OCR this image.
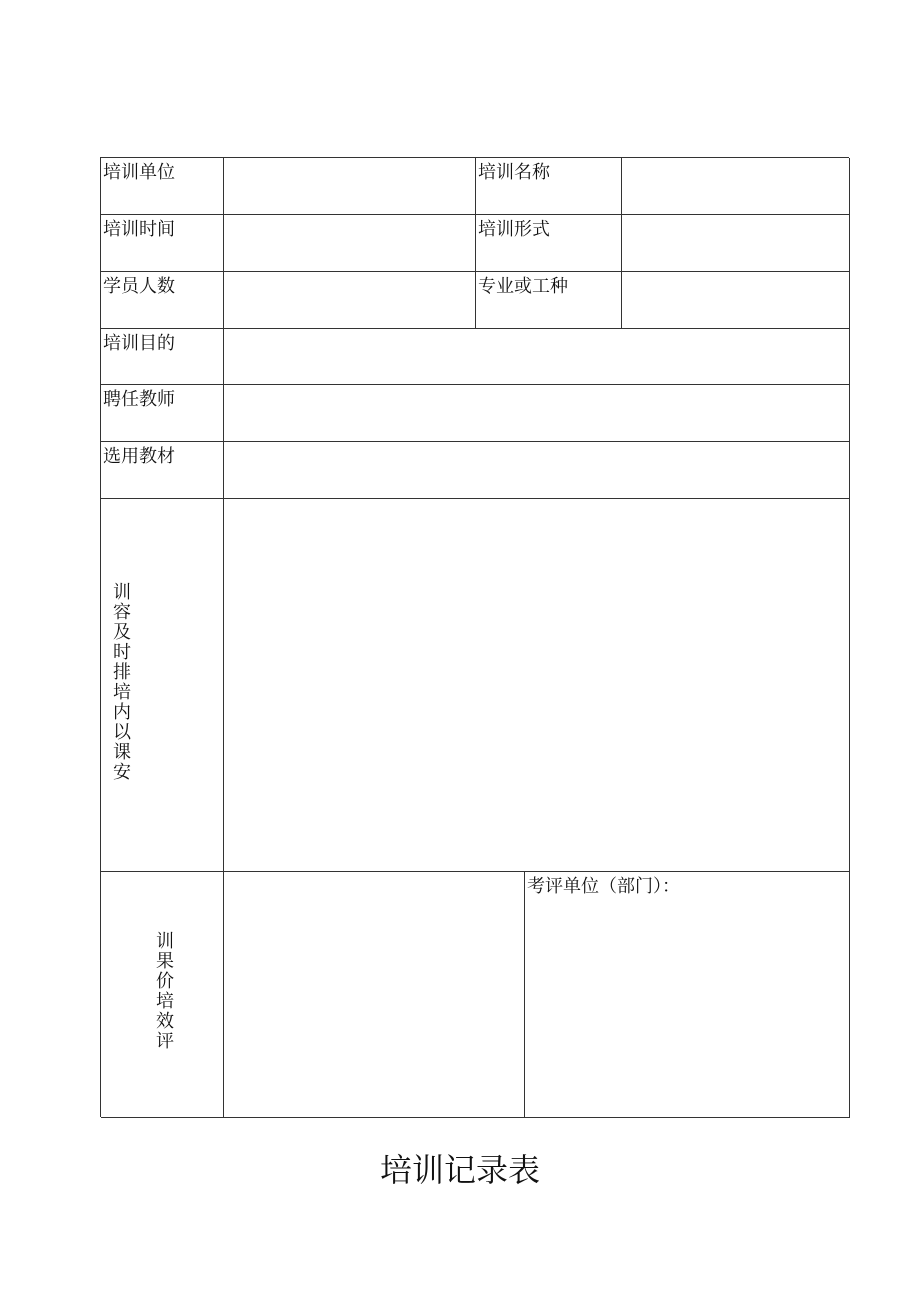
培训单位	培训名称
培训时间	培训形式
学员人数	专业或工种
培训目的
聘任教师
选用教材
训容及时排培内以课安
训果价培效评
考评单位（部门）：
培训记录表
